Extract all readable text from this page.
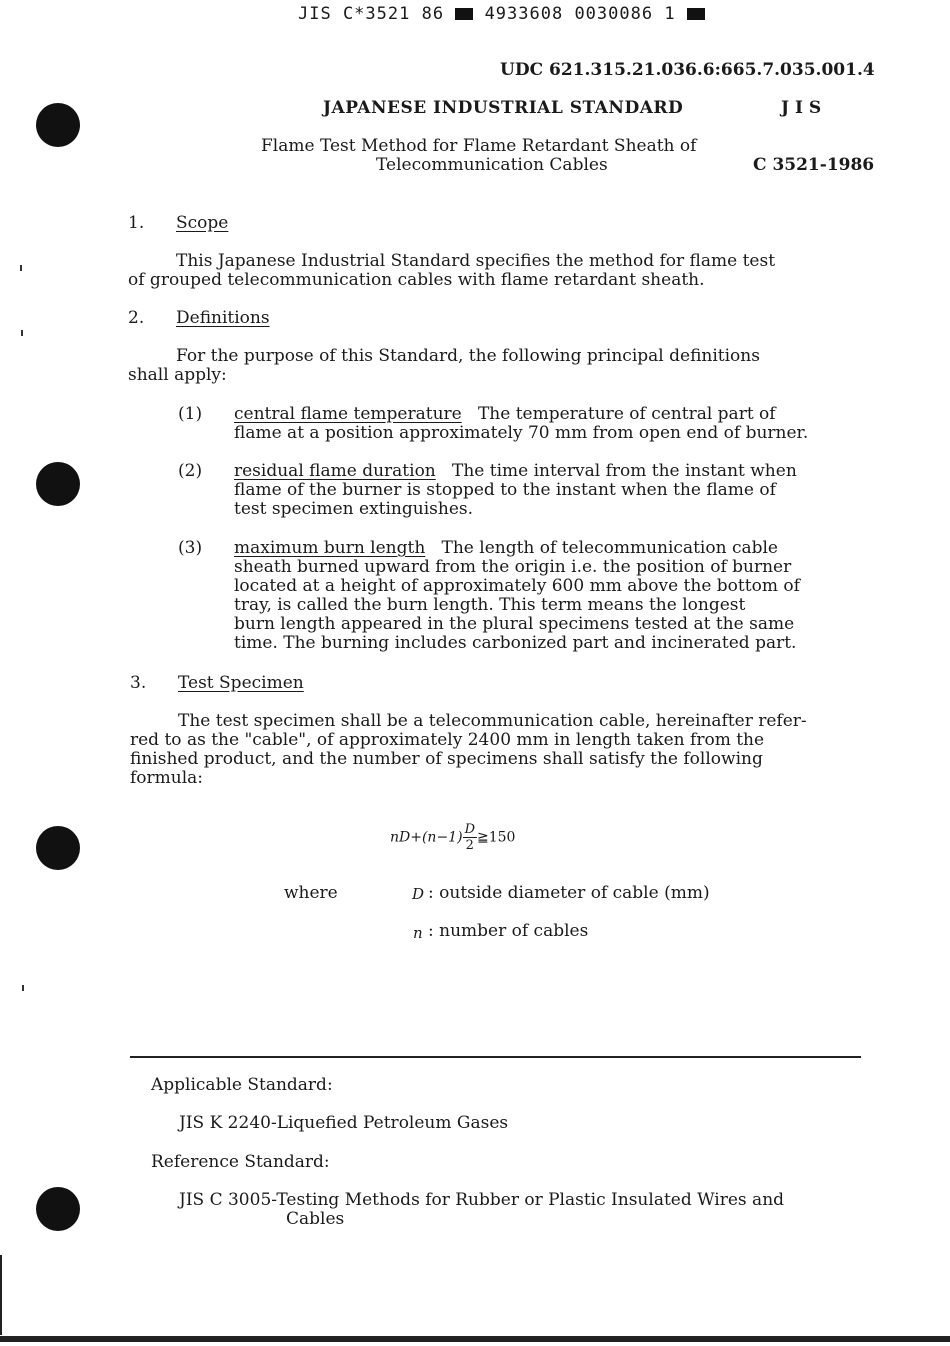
JIS C*3521 86 4933608 0030086 1
UDC 621.315.21.036.6:665.7.035.001.4
JAPANESE INDUSTRIAL STANDARD	J I S
Flame Test Method for Flame Retardant Sheath of
Telecommunication Cables	C 3521-1986
1. Scope
This Japanese Industrial Standard specifies the method for flame test
of grouped telecommunication cables with flame retardant sheath.
2. Definitions
For the purpose of this Standard, the following principal definitions
shall apply:
(1) central flame temperature The temperature of central part of
flame at a position approximately 70 mm from open end of burner.
(2) residual flame duration The time interval from the instant when
flame of the burner is stopped to the instant when the flame of
test specimen extinguishes.
(3) maximum burn length The length of telecommunication cable
sheath burned upward from the origin i.e. the position of burner
located at a height of approximately 600 mm above the bottom of
tray, is called the burn length. This term means the longest
burn length appeared in the plural specimens tested at the same
time. The burning includes carbonized part and incinerated part.
3. Test Specimen
The test specimen shall be a telecommunication cable, hereinafter refer-
red to as the "cable", of approximately 2400 mm in length taken from the
finished product, and the number of specimens shall satisfy the following
formula:
$nD+(n-1) \frac{D}{2}$ ≧150
where	D : outside diameter of cable (mm)
n : number of cables
Applicable Standard:
JIS K 2240-Liquefied Petroleum Gases
Reference Standard:
JIS C 3005-Testing Methods for Rubber or Plastic Insulated Wires and
Cables
